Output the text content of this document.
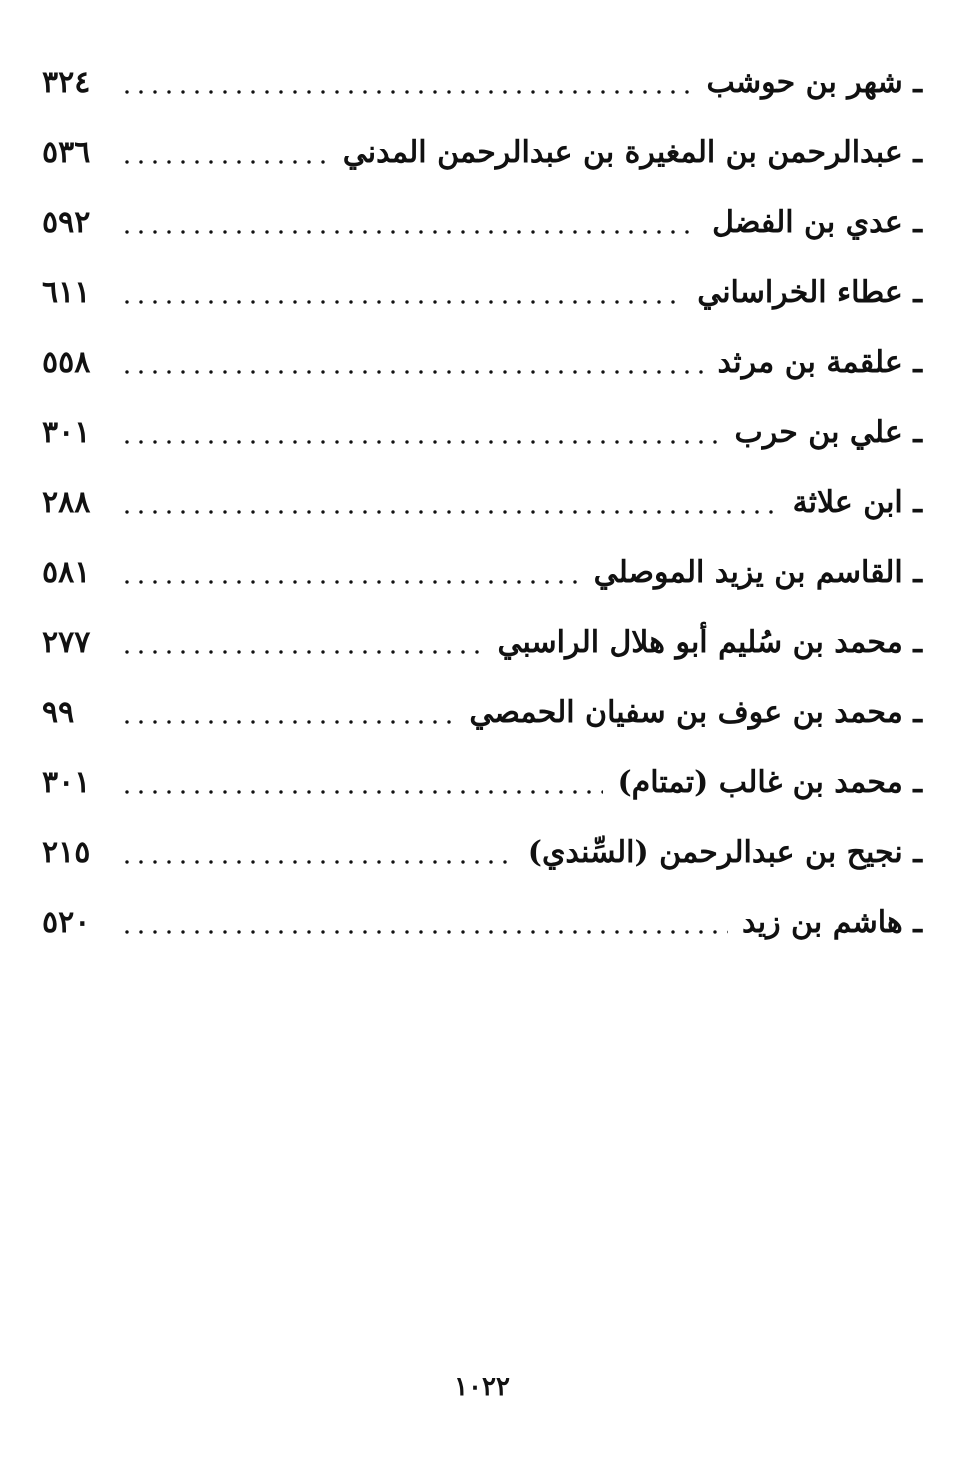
ـ شهر بن حوشب
٣٢٤
ـ عبدالرحمن بن المغيرة بن عبدالرحمن المدني
٥٣٦
ـ عدي بن الفضل
٥٩٢
ـ عطاء الخراساني
٦١١
ـ علقمة بن مرثد
٥٥٨
ـ علي بن حرب
٣٠١
ـ ابن علاثة
٢٨٨
ـ القاسم بن يزيد الموصلي
٥٨١
ـ محمد بن سُليم أبو هلال الراسبي
٢٧٧
ـ محمد بن عوف بن سفيان الحمصي
٩٩
ـ محمد بن غالب (تمتام)
٣٠١
ـ نجيح بن عبدالرحمن (السِّندي)
٢١٥
ـ هاشم بن زيد
٥٢٠
١٠٢٢
